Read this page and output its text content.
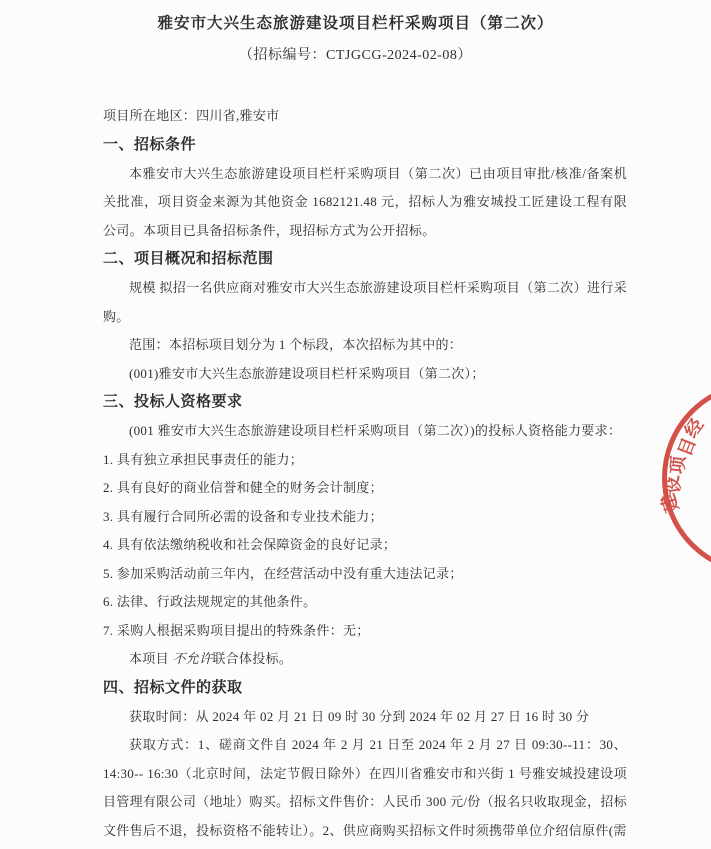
雅安市大兴生态旅游建设项目栏杆采购项目（第二次）
（招标编号：CTJGCG-2024-02-08）

项目所在地区：四川省,雅安市

一、招标条件

本雅安市大兴生态旅游建设项目栏杆采购项目（第二次）已由项目审批/核准/备案机关批准，项目资金来源为其他资金 1682121.48 元，招标人为雅安城投工匠建设工程有限公司。本项目已具备招标条件，现招标方式为公开招标。

二、项目概况和招标范围

规模 拟招一名供应商对雅安市大兴生态旅游建设项目栏杆采购项目（第二次）进行采购。

范围：本招标项目划分为 1 个标段，本次招标为其中的：

(001)雅安市大兴生态旅游建设项目栏杆采购项目（第二次）；

三、投标人资格要求

(001 雅安市大兴生态旅游建设项目栏杆采购项目（第二次）)的投标人资格能力要求：

1. 具有独立承担民事责任的能力；

2. 具有良好的商业信誉和健全的财务会计制度；

3. 具有履行合同所必需的设备和专业技术能力；

4. 具有依法缴纳税收和社会保障资金的良好记录；

5. 参加采购活动前三年内，在经营活动中没有重大违法记录；

6. 法律、行政法规规定的其他条件。

7. 采购人根据采购项目提出的特殊条件：无；

本项目 不允许联合体投标。

四、招标文件的获取

获取时间：从 2024 年 02 月 21 日 09 时 30 分到 2024 年 02 月 27 日 16 时 30 分

获取方式：1、磋商文件自 2024 年 2 月 21 日至 2024 年 2 月 27 日 09:30--11：30、14:30-- 16:30（北京时间，法定节假日除外）在四川省雅安市和兴街 1 号雅安城投建设项目管理有限公司（地址）购买。招标文件售价：人民币 300 元/份（报名只收取现金，招标文件售后不退，投标资格不能转让）。2、供应商购买招标文件时须携带单位介绍信原件(需

经
目
项
设
建
